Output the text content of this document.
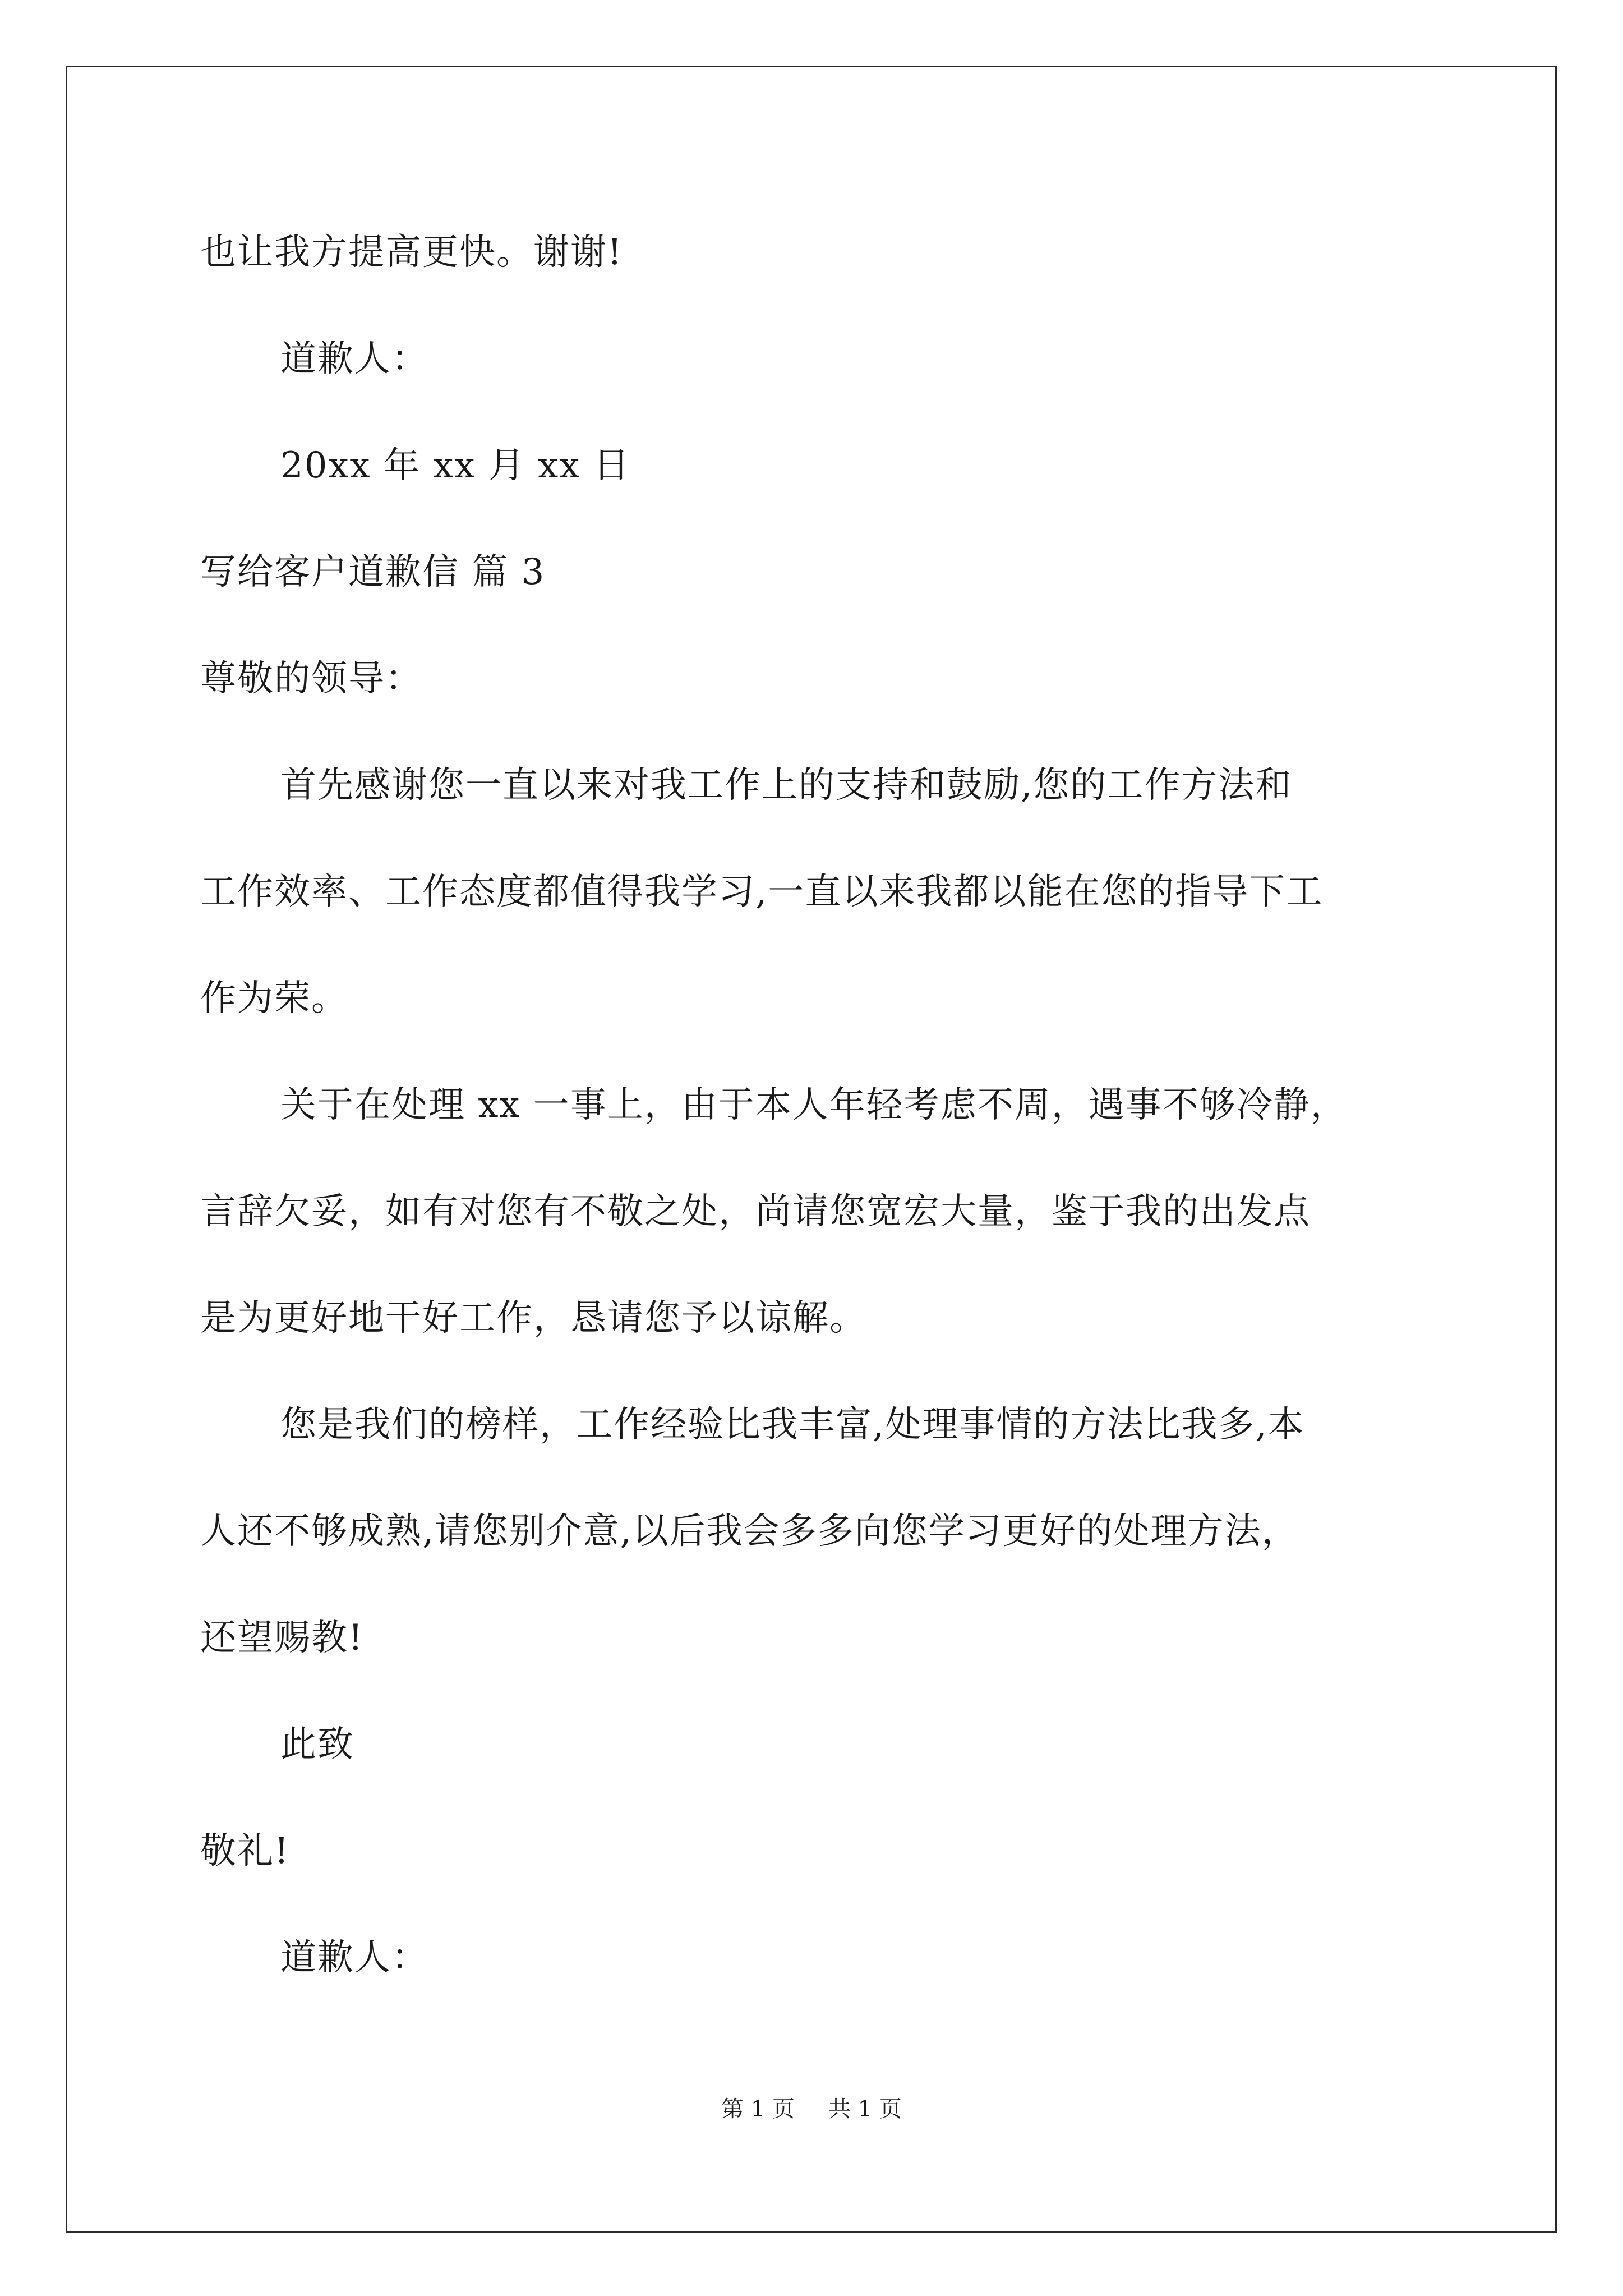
也让我方提高更快。谢谢!
道歉人：
20xx 年 xx 月 xx 日
写给客户道歉信 篇 3
尊敬的领导：
首先感谢您一直以来对我工作上的支持和鼓励,您的工作方法和
工作效率、工作态度都值得我学习,一直以来我都以能在您的指导下工
作为荣。
关于在处理 xx 一事上，由于本人年轻考虑不周，遇事不够冷静，
言辞欠妥，如有对您有不敬之处，尚请您宽宏大量，鉴于我的出发点
是为更好地干好工作，恳请您予以谅解。
您是我们的榜样，工作经验比我丰富,处理事情的方法比我多,本
人还不够成熟,请您别介意,以后我会多多向您学习更好的处理方法，
还望赐教!
此致
敬礼!
道歉人：
第 1 页 共 1 页
